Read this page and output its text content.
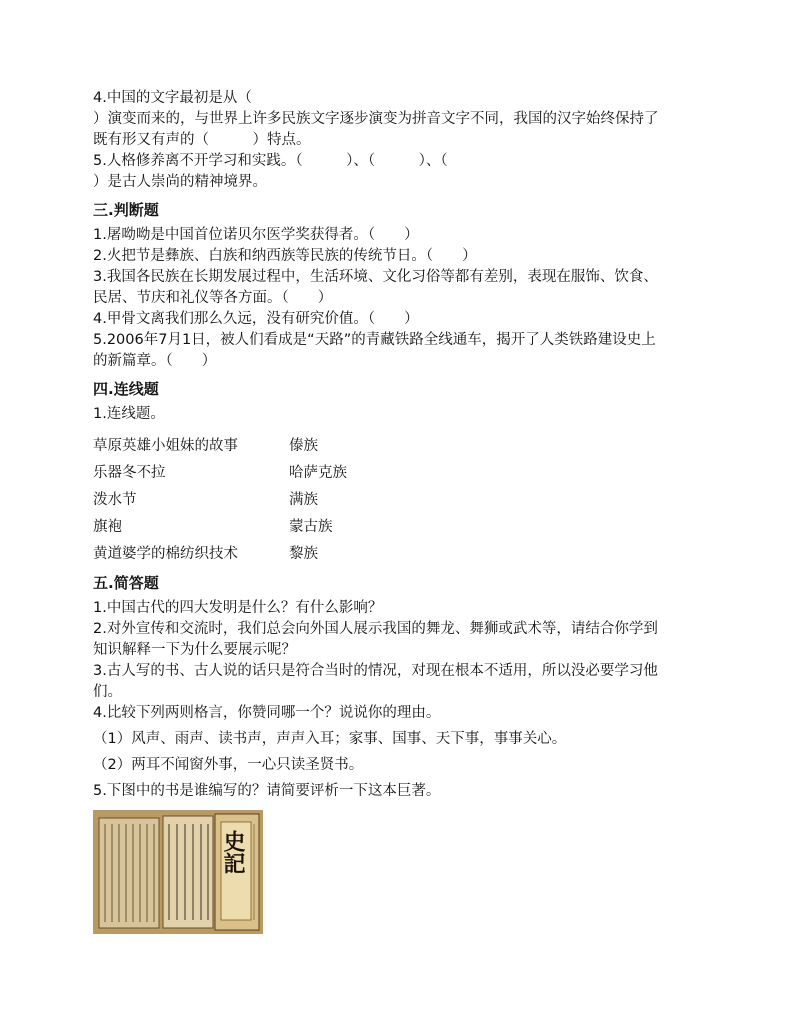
4.中国的文字最初是从（
）演变而来的，与世界上许多民族文字逐步演变为拼音文字不同，我国的汉字始终保持了
既有形又有声的（　　　）特点。
5.人格修养离不开学习和实践。（　　　）、（　　　）、（
）是古人崇尚的精神境界。
三.判断题
1.屠呦呦是中国首位诺贝尔医学奖获得者。（　　）
2.火把节是彝族、白族和纳西族等民族的传统节日。（　　）
3.我国各民族在长期发展过程中，生活环境、文化习俗等都有差别，表现在服饰、饮食、
民居、节庆和礼仪等各方面。（　　）
4.甲骨文离我们那么久远，没有研究价值。（　　）
5.2006年7月1日，被人们看成是“天路”的青藏铁路全线通车，揭开了人类铁路建设史上
的新篇章。（　　）
四.连线题
1.连线题。
草原英雄小姐妹的故事	傣族
乐器冬不拉	哈萨克族
泼水节	满族
旗袍	蒙古族
黄道婆学的棉纺织技术	黎族
五.简答题
1.中国古代的四大发明是什么？有什么影响？
2.对外宣传和交流时，我们总会向外国人展示我国的舞龙、舞狮或武术等，请结合你学到
知识解释一下为什么要展示呢？
3.古人写的书、古人说的话只是符合当时的情况，对现在根本不适用，所以没必要学习他
们。
4.比较下列两则格言，你赞同哪一个？说说你的理由。
（1）风声、雨声、读书声，声声入耳；家事、国事、天下事，事事关心。
（2）两耳不闻窗外事，一心只读圣贤书。
5.下图中的书是谁编写的？请简要评析一下这本巨著。
史記
